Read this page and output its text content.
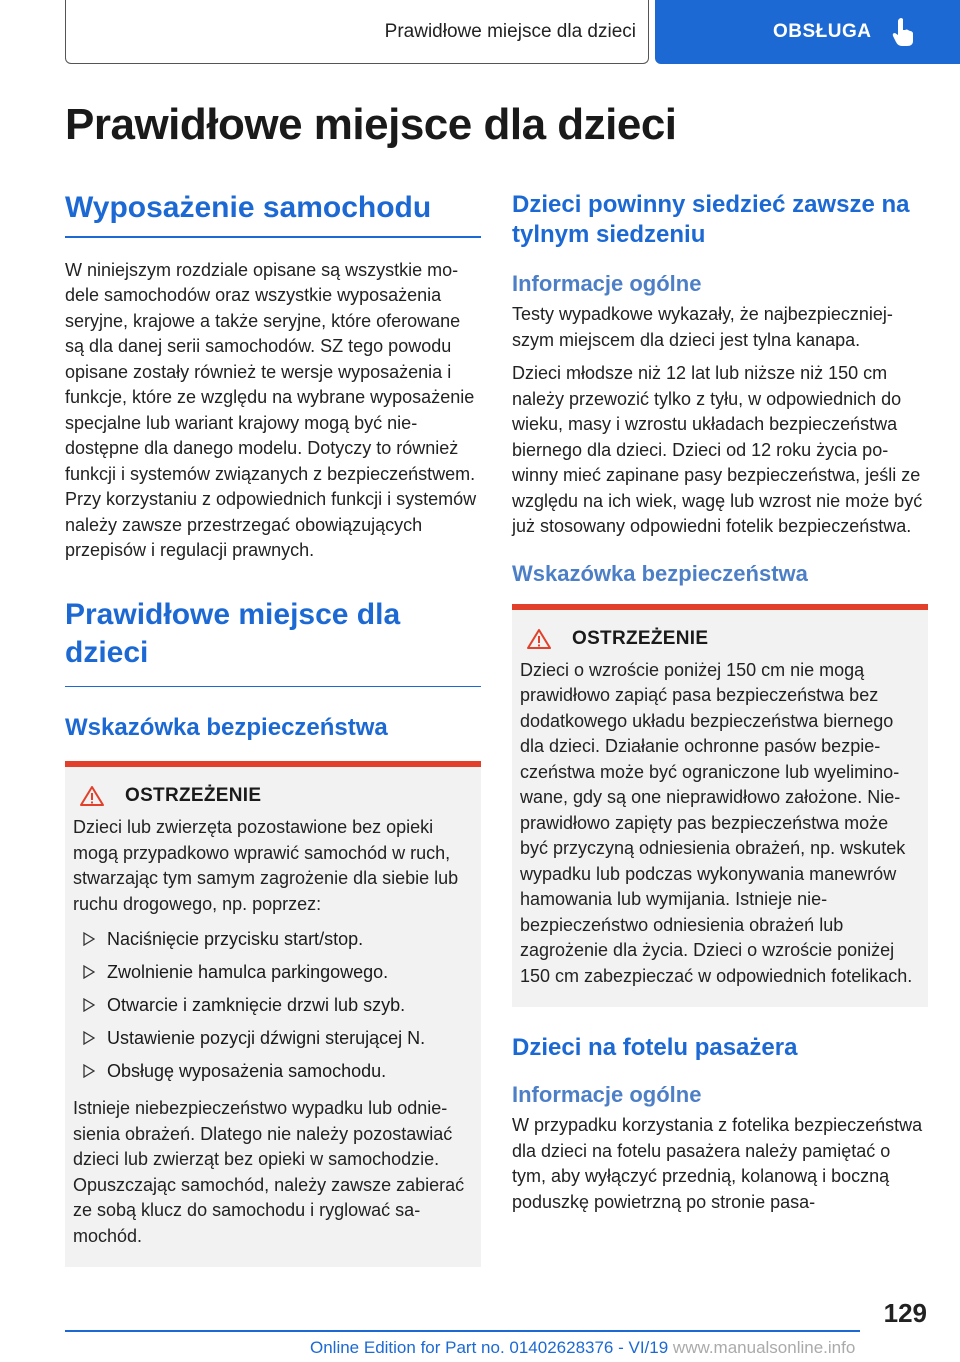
Prawidłowe miejsce dla dzieci	OBSŁUGA
Prawidłowe miejsce dla dzieci
Wyposażenie samochodu

W niniejszym rozdziale opisane są wszystkie modele samochodów oraz wszystkie wyposażenia seryjne, krajowe a także seryjne, które oferowane są dla danej serii samochodów. SZ tego powodu opisane zostały również te wersje wyposażenia i funkcje, które ze względu na wybrane wyposażenie specjalne lub wariant krajowy mogą być niedostępne dla danego modelu. Dotyczy to również funkcji i systemów związanych z bezpieczeństwem. Przy korzystaniu z odpowiednich funkcji i systemów należy zawsze przestrzegać obowiązujących przepisów i regulacji prawnych.

Prawidłowe miejsce dla dzieci
Wskazówka bezpieczeństwa
OSTRZEŻENIE

Dzieci lub zwierzęta pozostawione bez opieki mogą przypadkowo wprawić samochód w ruch, stwarzając tym samym zagrożenie dla siebie lub ruchu drogowego, np. poprzez:

Naciśnięcie przycisku start/stop.
Zwolnienie hamulca parkingowego.
Otwarcie i zamknięcie drzwi lub szyb.
Ustawienie pozycji dźwigni sterującej N.
Obsługę wyposażenia samochodu.

Istnieje niebezpieczeństwo wypadku lub odniesienia obrażeń. Dlatego nie należy pozostawiać dzieci lub zwierząt bez opieki w samochodzie. Opuszczając samochód, należy zawsze zabierać ze sobą klucz do samochodu i ryglować samochód.

Dzieci powinny siedzieć zawsze na tylnym siedzeniu
Informacje ogólne

Testy wypadkowe wykazały, że najbezpieczniejszym miejscem dla dzieci jest tylna kanapa.

Dzieci młodsze niż 12 lat lub niższe niż 150 cm należy przewozić tylko z tyłu, w odpowiednich do wieku, masy i wzrostu układach bezpieczeństwa biernego dla dzieci. Dzieci od 12 roku życia powinny mieć zapinane pasy bezpieczeństwa, jeśli ze względu na ich wiek, wagę lub wzrost nie może być już stosowany odpowiedni fotelik bezpieczeństwa.

Wskazówka bezpieczeństwa
OSTRZEŻENIE

Dzieci o wzroście poniżej 150 cm nie mogą prawidłowo zapiąć pasa bezpieczeństwa bez dodatkowego układu bezpieczeństwa biernego dla dzieci. Działanie ochronne pasów bezpieczeństwa może być ograniczone lub wyeliminowane, gdy są one nieprawidłowo założone. Nieprawidłowo zapięty pas bezpieczeństwa może być przyczyną odniesienia obrażeń, np. wskutek wypadku lub podczas wykonywania manewrów hamowania lub wymijania. Istnieje niebezpieczeństwo odniesienia obrażeń lub zagrożenie dla życia. Dzieci o wzroście poniżej 150 cm zabezpieczać w odpowiednich fotelikach.

Dzieci na fotelu pasażera
Informacje ogólne

W przypadku korzystania z fotelika bezpieczeństwa dla dzieci na fotelu pasażera należy pamiętać o tym, aby wyłączyć przednią, kolanową i boczną poduszkę powietrzną po stronie pasa-

129
Online Edition for Part no. 01402628376 - VI/19 www.manualsonline.info
